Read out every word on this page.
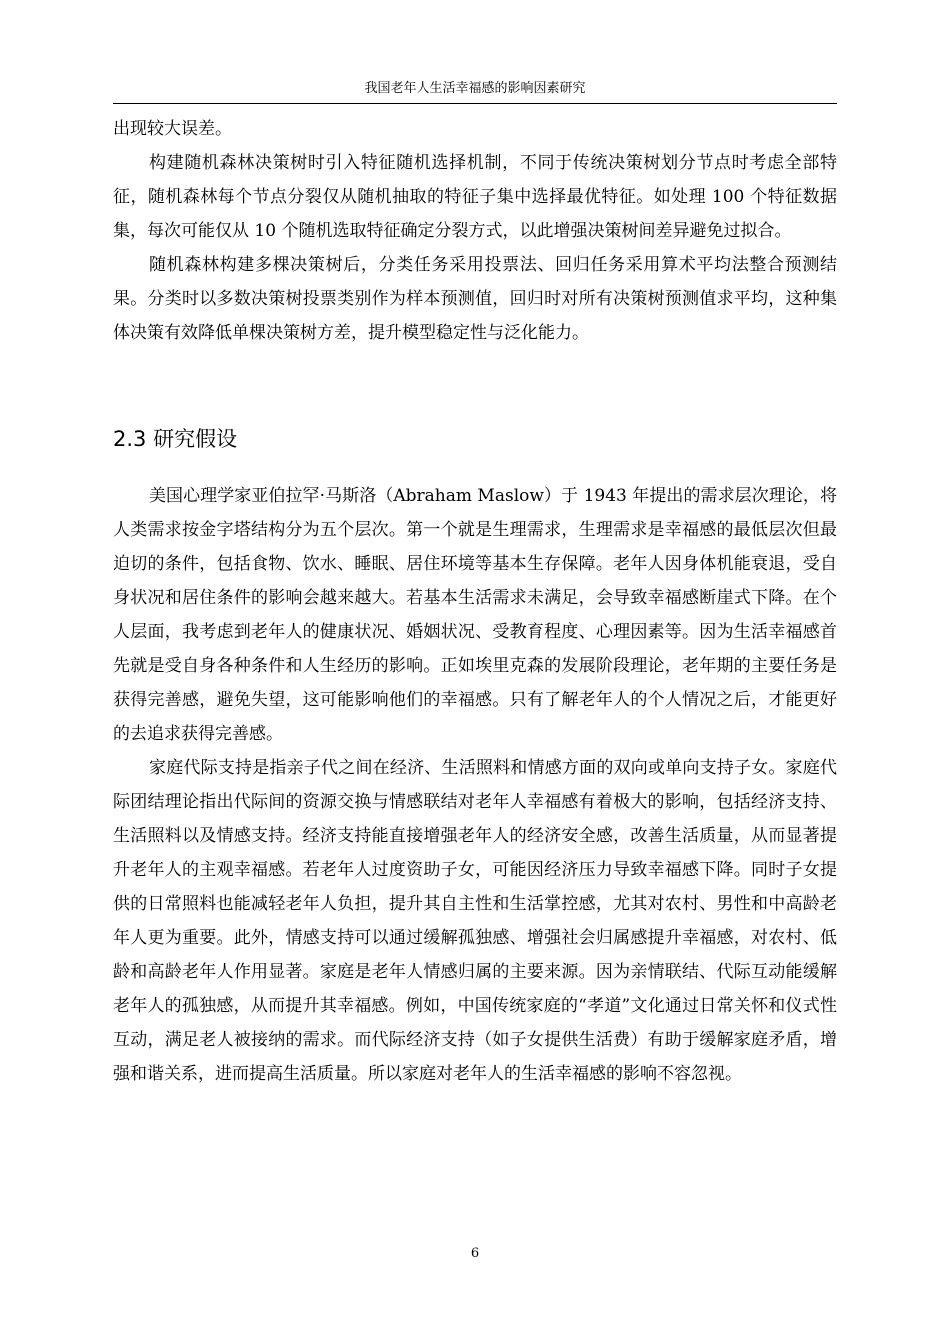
我国老年人生活幸福感的影响因素研究

出现较大误差。

构建随机森林决策树时引入特征随机选择机制，不同于传统决策树划分节点时考虑全部特征，随机森林每个节点分裂仅从随机抽取的特征子集中选择最优特征。如处理 100 个特征数据集，每次可能仅从 10 个随机选取特征确定分裂方式，以此增强决策树间差异避免过拟合。

随机森林构建多棵决策树后，分类任务采用投票法、回归任务采用算术平均法整合预测结果。分类时以多数决策树投票类别作为样本预测值，回归时对所有决策树预测值求平均，这种集体决策有效降低单棵决策树方差，提升模型稳定性与泛化能力。

2.3 研究假设

美国心理学家亚伯拉罕·马斯洛（Abraham Maslow）于 1943 年提出的需求层次理论，将人类需求按金字塔结构分为五个层次。第一个就是生理需求，生理需求是幸福感的最低层次但最迫切的条件，包括食物、饮水、睡眠、居住环境等基本生存保障。老年人因身体机能衰退，受自身状况和居住条件的影响会越来越大。若基本生活需求未满足，会导致幸福感断崖式下降。在个人层面，我考虑到老年人的健康状况、婚姻状况、受教育程度、心理因素等。因为生活幸福感首先就是受自身各种条件和人生经历的影响。正如埃里克森的发展阶段理论，老年期的主要任务是获得完善感，避免失望，这可能影响他们的幸福感。只有了解老年人的个人情况之后，才能更好的去追求获得完善感。

家庭代际支持是指亲子代之间在经济、生活照料和情感方面的双向或单向支持子女。家庭代际团结理论指出代际间的资源交换与情感联结对老年人幸福感有着极大的影响，包括经济支持、生活照料以及情感支持。经济支持能直接增强老年人的经济安全感，改善生活质量，从而显著提升老年人的主观幸福感。若老年人过度资助子女，可能因经济压力导致幸福感下降。同时子女提供的日常照料也能减轻老年人负担，提升其自主性和生活掌控感，尤其对农村、男性和中高龄老年人更为重要。此外，情感支持可以通过缓解孤独感、增强社会归属感提升幸福感，对农村、低龄和高龄老年人作用显著。家庭是老年人情感归属的主要来源。因为亲情联结、代际互动能缓解老年人的孤独感，从而提升其幸福感。例如，中国传统家庭的“孝道”文化通过日常关怀和仪式性互动，满足老人被接纳的需求。而代际经济支持（如子女提供生活费）有助于缓解家庭矛盾，增强和谐关系，进而提高生活质量。所以家庭对老年人的生活幸福感的影响不容忽视。

6
